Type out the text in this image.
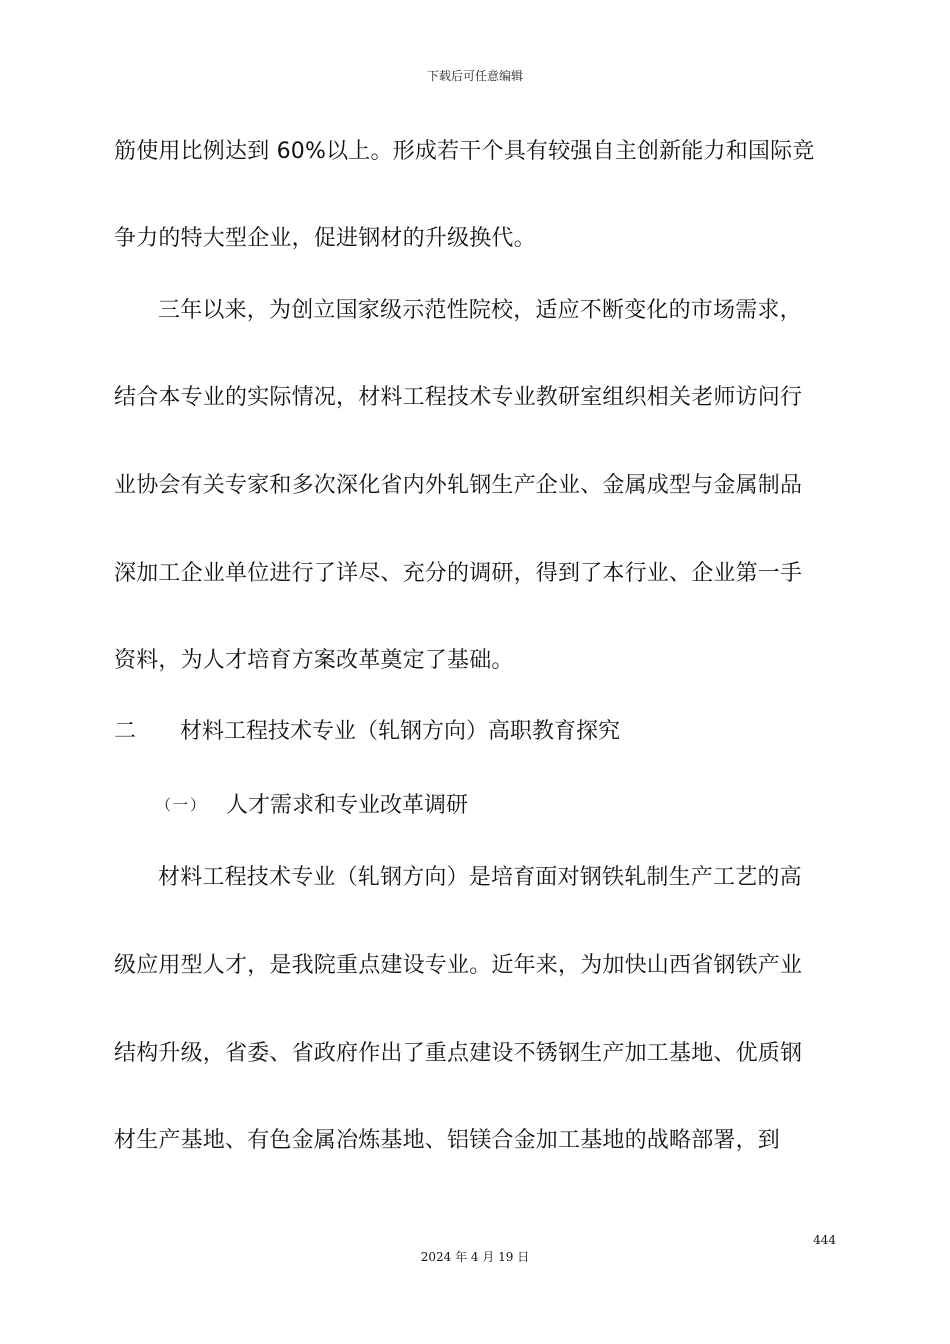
下载后可任意编辑
筋使用比例达到 60%以上。形成若干个具有较强自主创新能力和国际竞
争力的特大型企业，促进钢材的升级换代。
三年以来，为创立国家级示范性院校，适应不断变化的市场需求，
结合本专业的实际情况，材料工程技术专业教研室组织相关老师访问行
业协会有关专家和多次深化省内外轧钢生产企业、金属成型与金属制品
深加工企业单位进行了详尽、充分的调研，得到了本行业、企业第一手
资料，为人才培育方案改革奠定了基础。
二 材料工程技术专业（轧钢方向）高职教育探究
（一） 人才需求和专业改革调研
材料工程技术专业（轧钢方向）是培育面对钢铁轧制生产工艺的高
级应用型人才，是我院重点建设专业。近年来，为加快山西省钢铁产业
结构升级，省委、省政府作出了重点建设不锈钢生产加工基地、优质钢
材生产基地、有色金属冶炼基地、铝镁合金加工基地的战略部署，到
444
2024 年 4 月 19 日
